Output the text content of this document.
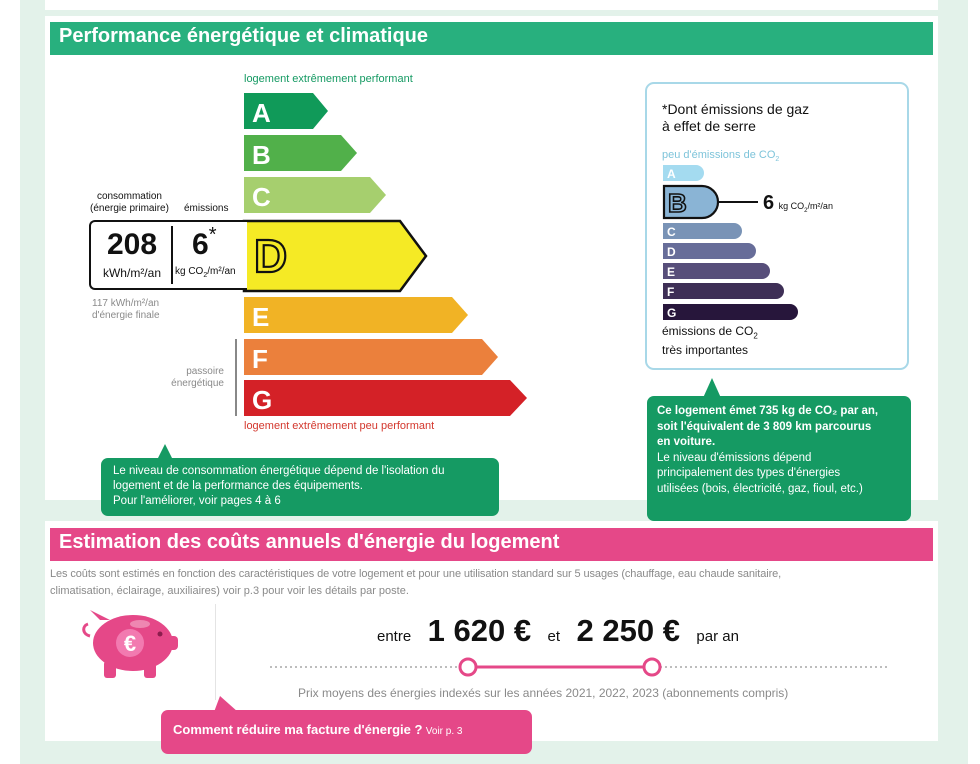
Performance énergétique et climatique
logement extrêmement performant
A
B
C
D
E
F
G
logement extrêmement peu performant
consommation
(énergie primaire) émissions
208
kWh/m²/an
6*
kg $CO_2/m^2/an$
117 kWh/m²/an
d'énergie finale
passoire
énergétique
Le niveau de consommation énergétique dépend de l'isolation du
logement et de la performance des équipements.
Pour l'améliorer, voir pages 4 à 6
*Dont émissions de gaz
à effet de serre
peu d'émissions de $CO_2$
A
B
C
D
E
F
G
6 kg $CO_2/m^2/an$
émissions de $CO_2$
très importantes
Ce logement émet 735 kg de CO₂ par an,
soit l'équivalent de 3 809 km parcourus
en voiture.
Le niveau d'émissions dépend
principalement des types d'énergies
utilisées (bois, électricité, gaz, fioul, etc.)
Estimation des coûts annuels d'énergie du logement
Les coûts sont estimés en fonction des caractéristiques de votre logement et pour une utilisation standard sur 5 usages (chauffage, eau chaude sanitaire,
climatisation, éclairage, auxiliaires) voir p.3 pour voir les détails par poste.
€	entre 1 620 € et 2 250 € par an
Prix moyens des énergies indexés sur les années 2021, 2022, 2023 (abonnements compris)
Comment réduire ma facture d'énergie ? Voir p. 3
